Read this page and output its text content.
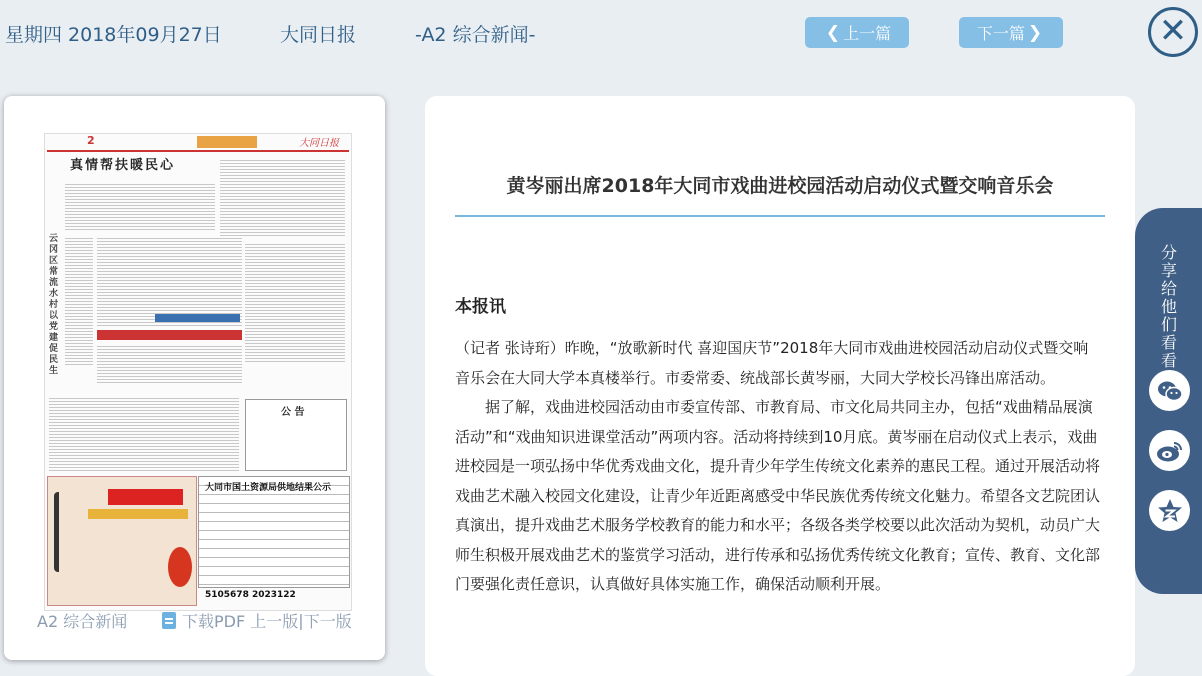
星期四 2018年09月27日	大同日报	-A2 综合新闻-	❮ 上一篇	下一篇 ❯	✕
2	大同日报
真情帮扶暖民心
云冈区常流水村以党建促民生
公 告
大同市国土资源局供地结果公示
5105678 2023122
A2 综合新闻	下载PDF
上一版 | 下一版
黄岑丽出席2018年大同市戏曲进校园活动启动仪式暨交响音乐会
本报讯

（记者 张诗珩）昨晚，“放歌新时代 喜迎国庆节”2018年大同市戏曲进校园活动启动仪式暨交响音乐会在大同大学本真楼举行。市委常委、统战部长黄岑丽，大同大学校长冯锋出席活动。

据了解，戏曲进校园活动由市委宣传部、市教育局、市文化局共同主办，包括“戏曲精品展演活动”和“戏曲知识进课堂活动”两项内容。活动将持续到10月底。黄岑丽在启动仪式上表示，戏曲进校园是一项弘扬中华优秀戏曲文化，提升青少年学生传统文化素养的惠民工程。通过开展活动将戏曲艺术融入校园文化建设，让青少年近距离感受中华民族优秀传统文化魅力。希望各文艺院团认真演出，提升戏曲艺术服务学校教育的能力和水平；各级各类学校要以此次活动为契机，动员广大师生积极开展戏曲艺术的鉴赏学习活动，进行传承和弘扬优秀传统文化教育；宣传、教育、文化部门要强化责任意识，认真做好具体实施工作，确保活动顺利开展。

分享给他们看看
